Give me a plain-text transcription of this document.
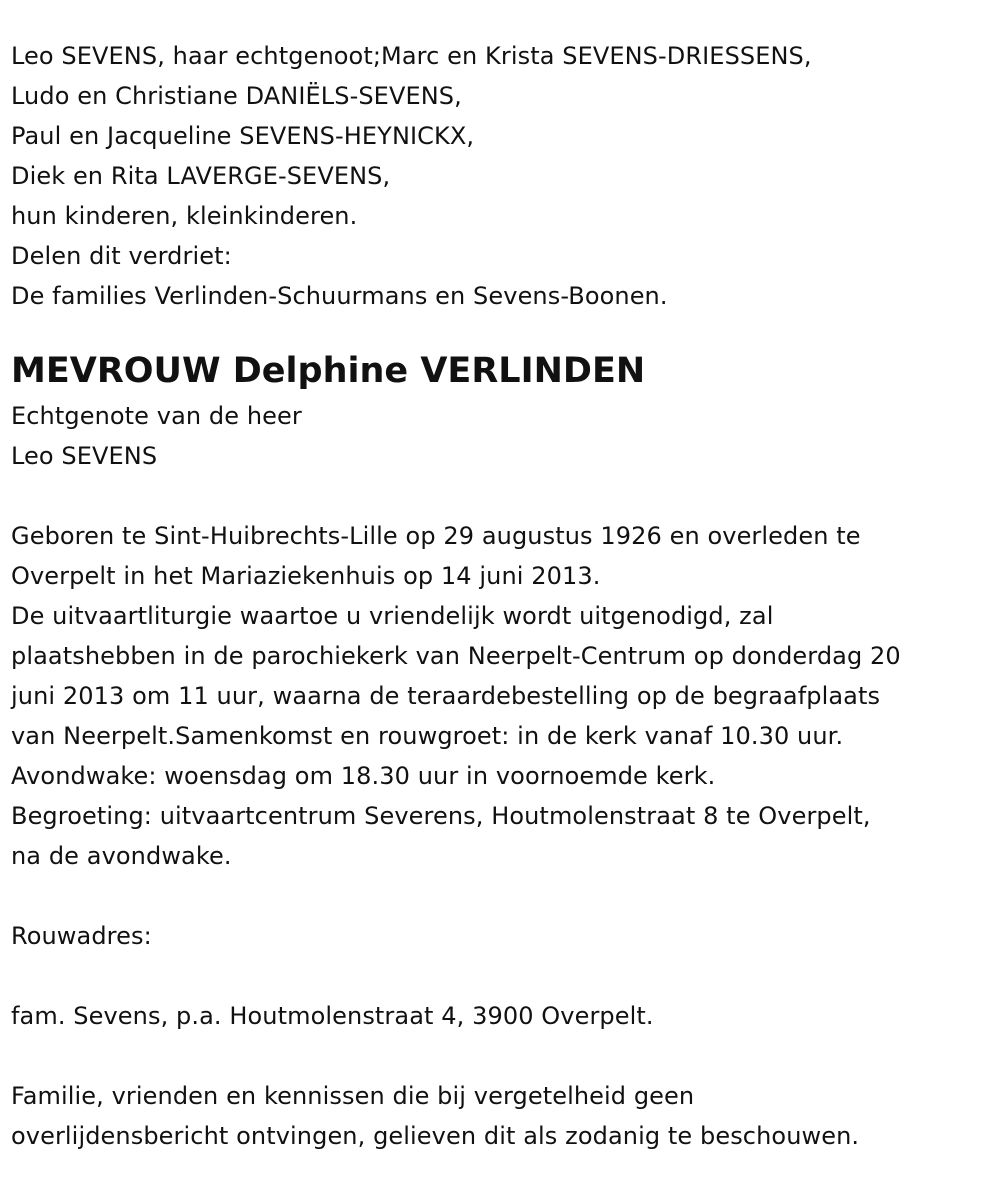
Leo SEVENS, haar echtgenoot;Marc en Krista SEVENS-DRIESSENS,
Ludo en Christiane DANIËLS-SEVENS,
Paul en Jacqueline SEVENS-HEYNICKX,
Diek en Rita LAVERGE-SEVENS,
hun kinderen, kleinkinderen.
Delen dit verdriet:
De families Verlinden-Schuurmans en Sevens-Boonen.
MEVROUW Delphine VERLINDEN
Echtgenote van de heer
Leo SEVENS
Geboren te Sint-Huibrechts-Lille op 29 augustus 1926 en overleden te
Overpelt in het Mariaziekenhuis op 14 juni 2013.
De uitvaartliturgie waartoe u vriendelijk wordt uitgenodigd, zal
plaatshebben in de parochiekerk van Neerpelt-Centrum op donderdag 20
juni 2013 om 11 uur, waarna de teraardebestelling op de begraafplaats
van Neerpelt.Samenkomst en rouwgroet: in de kerk vanaf 10.30 uur.
Avondwake: woensdag om 18.30 uur in voornoemde kerk.
Begroeting: uitvaartcentrum Severens, Houtmolenstraat 8 te Overpelt,
na de avondwake.
Rouwadres:
fam. Sevens, p.a. Houtmolenstraat 4, 3900 Overpelt.
Familie, vrienden en kennissen die bij vergetelheid geen
overlijdensbericht ontvingen, gelieven dit als zodanig te beschouwen.
